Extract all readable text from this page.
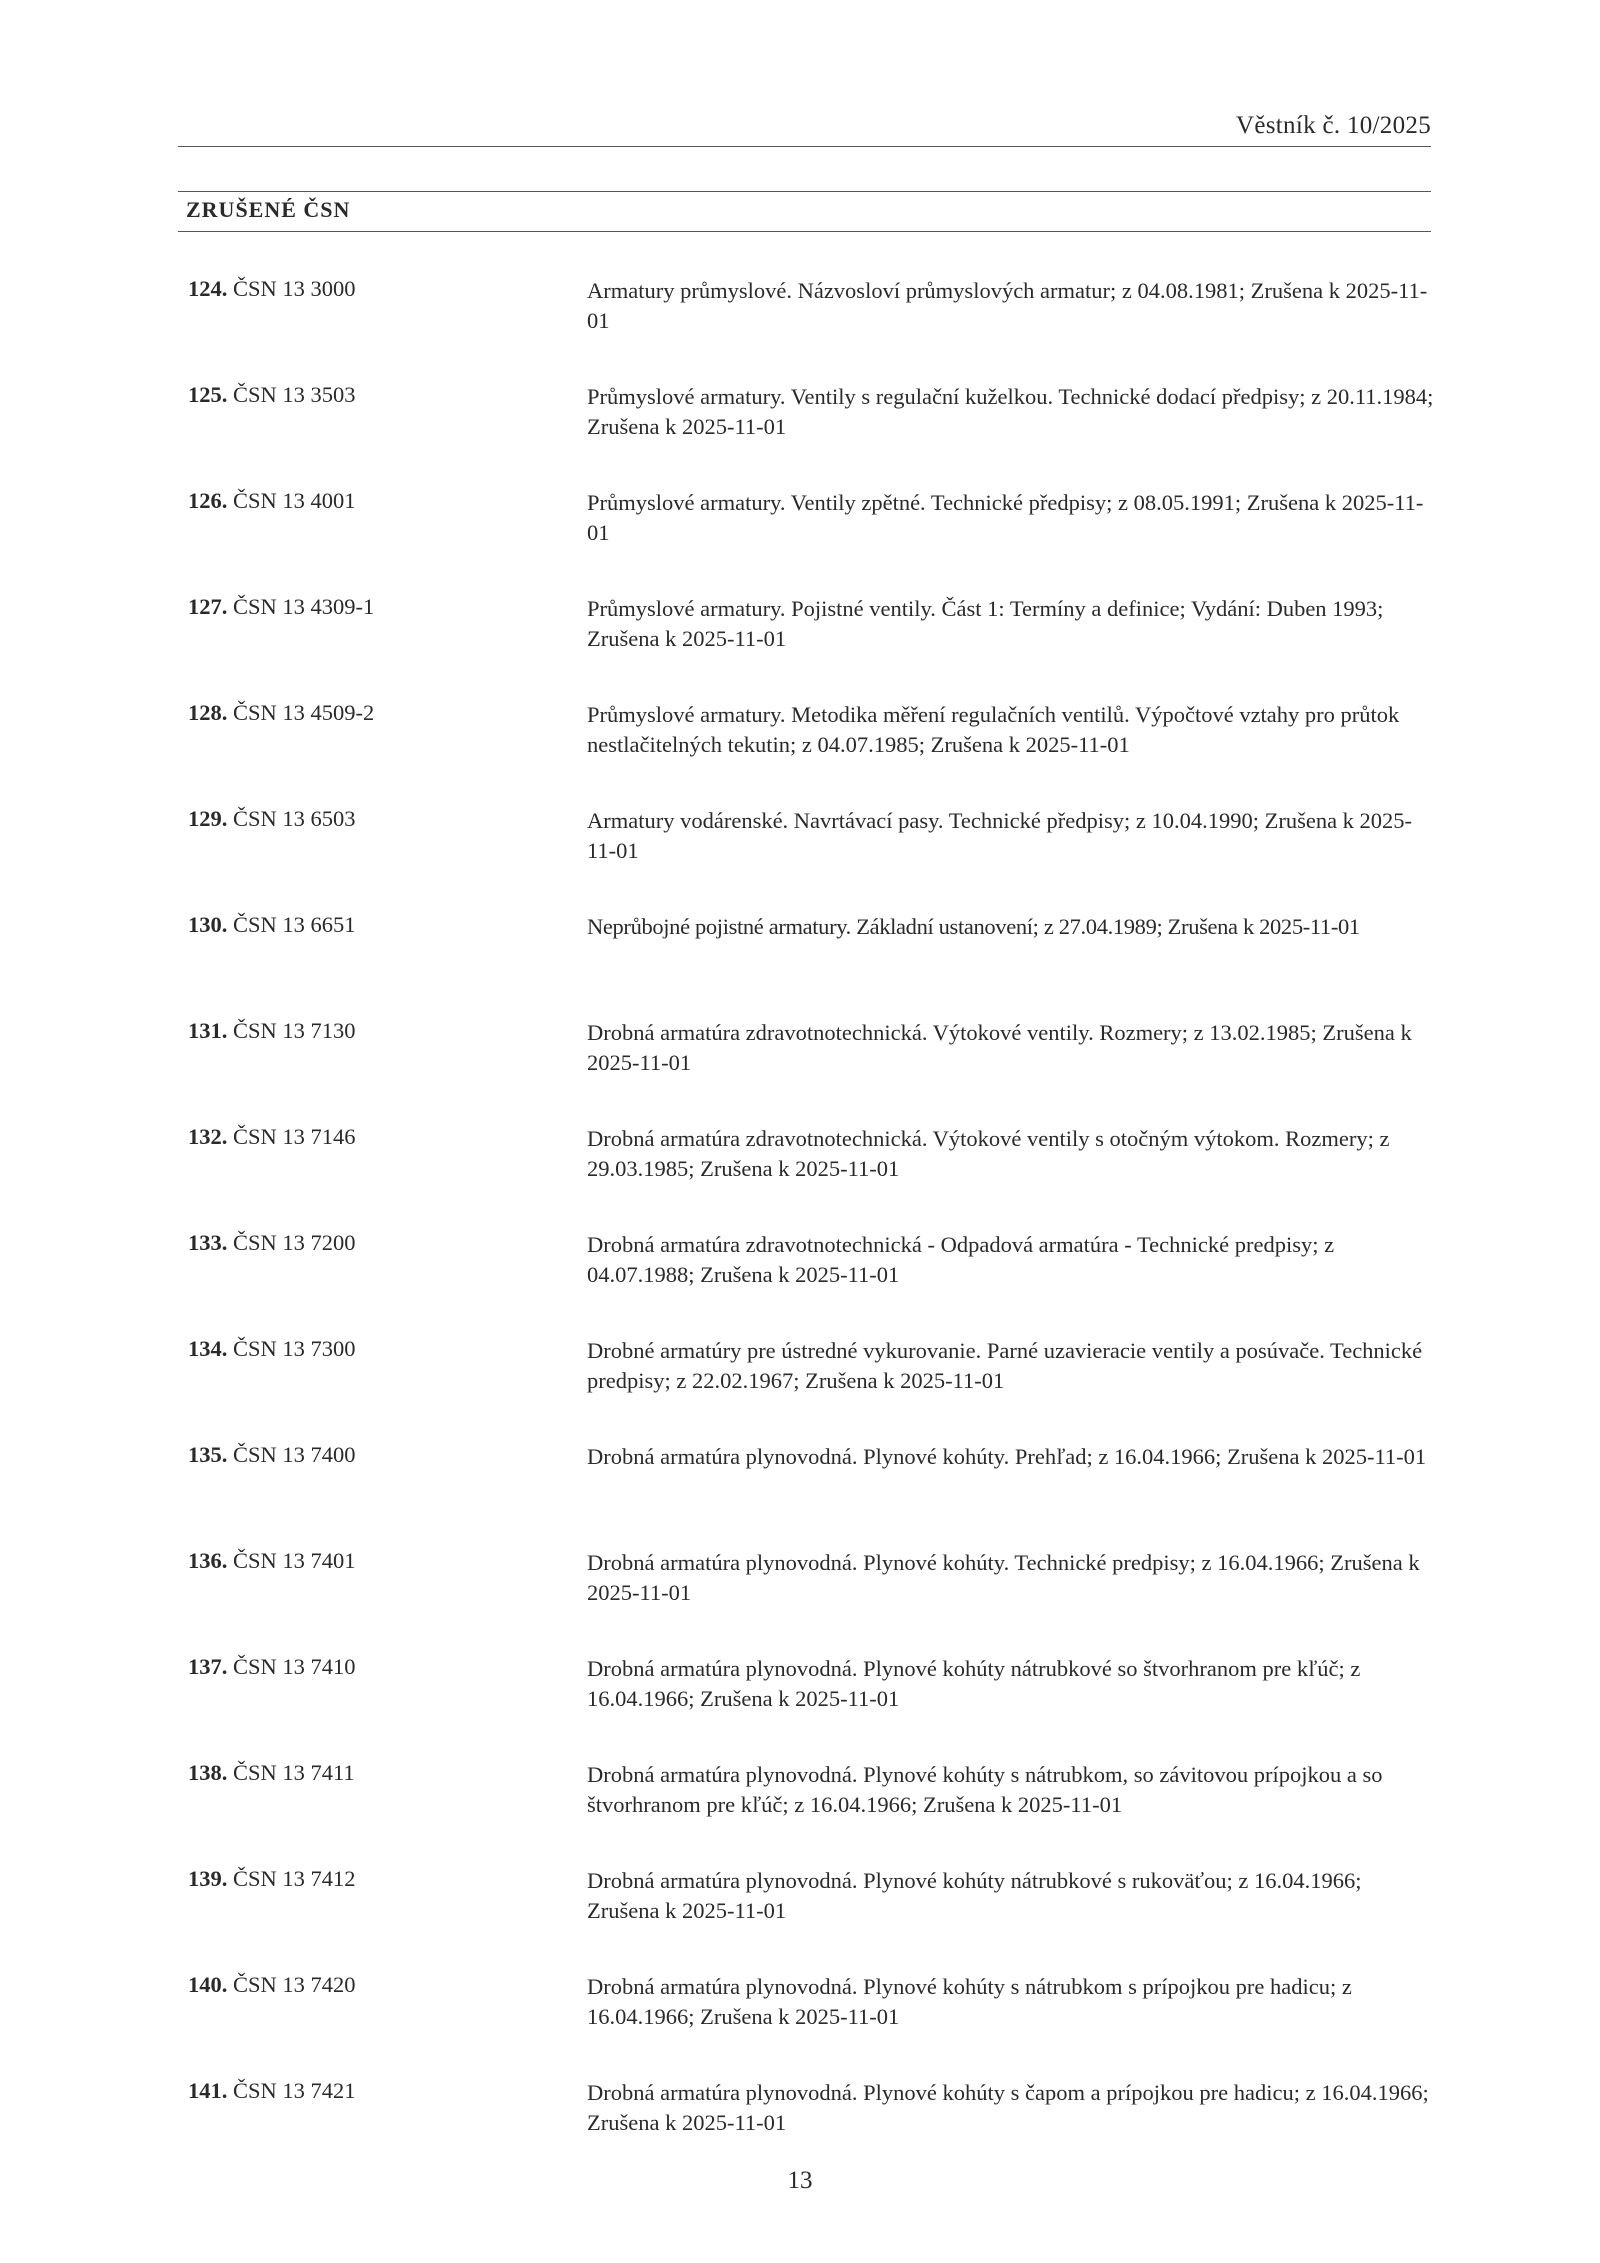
Věstník č. 10/2025
ZRUŠENÉ ČSN
124. ČSN 13 3000	Armatury průmyslové. Názvosloví průmyslových armatur; z 04.08.1981; Zrušena k 2025-11-01
125. ČSN 13 3503	Průmyslové armatury. Ventily s regulační kuželkou. Technické dodací předpisy; z 20.11.1984; Zrušena k 2025-11-01
126. ČSN 13 4001	Průmyslové armatury. Ventily zpětné. Technické předpisy; z 08.05.1991; Zrušena k 2025-11-01
127. ČSN 13 4309-1	Průmyslové armatury. Pojistné ventily. Část 1: Termíny a definice; Vydání: Duben 1993; Zrušena k 2025-11-01
128. ČSN 13 4509-2	Průmyslové armatury. Metodika měření regulačních ventilů. Výpočtové vztahy pro průtok nestlačitelných tekutin; z 04.07.1985; Zrušena k 2025-11-01
129. ČSN 13 6503	Armatury vodárenské. Navrtávací pasy. Technické předpisy; z 10.04.1990; Zrušena k 2025-11-01
130. ČSN 13 6651	Neprůbojné pojistné armatury. Základní ustanovení; z 27.04.1989; Zrušena k 2025-11-01
131. ČSN 13 7130	Drobná armatúra zdravotnotechnická. Výtokové ventily. Rozmery; z 13.02.1985; Zrušena k 2025-11-01
132. ČSN 13 7146	Drobná armatúra zdravotnotechnická. Výtokové ventily s otočným výtokom. Rozmery; z 29.03.1985; Zrušena k 2025-11-01
133. ČSN 13 7200	Drobná armatúra zdravotnotechnická - Odpadová armatúra - Technické predpisy; z 04.07.1988; Zrušena k 2025-11-01
134. ČSN 13 7300	Drobné armatúry pre ústredné vykurovanie. Parné uzavieracie ventily a posúvače. Technické predpisy; z 22.02.1967; Zrušena k 2025-11-01
135. ČSN 13 7400	Drobná armatúra plynovodná. Plynové kohúty. Prehľad; z 16.04.1966; Zrušena k 2025-11-01
136. ČSN 13 7401	Drobná armatúra plynovodná. Plynové kohúty. Technické predpisy; z 16.04.1966; Zrušena k 2025-11-01
137. ČSN 13 7410	Drobná armatúra plynovodná. Plynové kohúty nátrubkové so štvorhranom pre kľúč; z 16.04.1966; Zrušena k 2025-11-01
138. ČSN 13 7411	Drobná armatúra plynovodná. Plynové kohúty s nátrubkom, so závitovou prípojkou a so štvorhranom pre kľúč; z 16.04.1966; Zrušena k 2025-11-01
139. ČSN 13 7412	Drobná armatúra plynovodná. Plynové kohúty nátrubkové s rukoväťou; z 16.04.1966; Zrušena k 2025-11-01
140. ČSN 13 7420	Drobná armatúra plynovodná. Plynové kohúty s nátrubkom s prípojkou pre hadicu; z 16.04.1966; Zrušena k 2025-11-01
141. ČSN 13 7421	Drobná armatúra plynovodná. Plynové kohúty s čapom a prípojkou pre hadicu; z 16.04.1966; Zrušena k 2025-11-01
13
